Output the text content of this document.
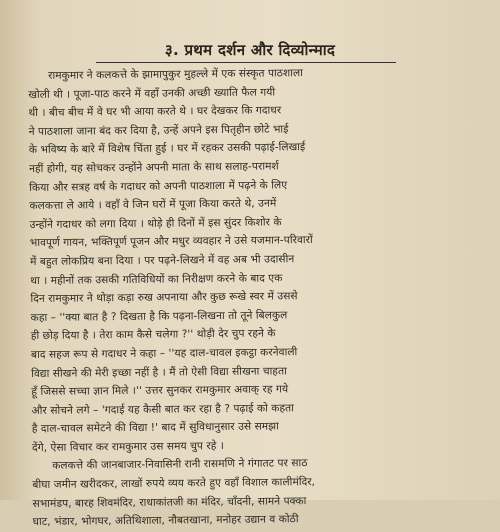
३. प्रथम दर्शन और दिव्योन्माद
रामकुमार ने कलकत्ते के झामापुकुर मुहल्ले में एक संस्कृत पाठशाला
खोली थी । पूजा-पाठ करने में वहाँ उनकी अच्छी ख्याति फैल गयी
थी । बीच बीच में वे घर भी आया करते थे । घर देखकर कि गदाधर
ने पाठशाला जाना बंद कर दिया है, उन्हें अपने इस पितृहीन छोटे भाई
के भविष्य के बारे में विशेष चिंता हुई । घर में रहकर उसकी पढ़ाई-लिखाई
नहीं होगी, यह सोचकर उन्होंने अपनी माता के साथ सलाह-परामर्श
किया और सत्रह वर्ष के गदाधर को अपनी पाठशाला में पढ़ने के लिए
कलकत्ता ले आये । वहाँ वे जिन घरों में पूजा किया करते थे, उनमें
उन्होंने गदाधर को लगा दिया । थोड़े ही दिनों में इस सुंदर किशोर के
भावपूर्ण गायन, भक्तिपूर्ण पूजन और मधुर व्यवहार ने उसे यजमान-परिवारों
में बहुत लोकप्रिय बना दिया । पर पढ़ने-लिखने में वह अब भी उदासीन
था । महीनों तक उसकी गतिविधियों का निरीक्षण करने के बाद एक
दिन रामकुमार ने थोड़ा कड़ा रुख अपनाया और कुछ रूखे स्वर में उससे
कहा – ''क्या बात है ? दिखता है कि पढ़ना-लिखना तो तूने बिलकुल
ही छोड़ दिया है । तेरा काम कैसे चलेगा ?'' थोड़ी देर चुप रहने के
बाद सहज रूप से गदाधर ने कहा – ''यह दाल-चावल इकट्ठा करनेवाली
विद्या सीखने की मेरी इच्छा नहीं है । मैं तो ऐसी विद्या सीखना चाहता
हूँ जिससे सच्चा ज्ञान मिले ।'' उत्तर सुनकर रामकुमार अवाक् रह गये
और सोचने लगे – 'गदाई यह कैसी बात कर रहा है ? पढ़ाई को कहता
है दाल-चावल समेटने की विद्या !' बाद में सुविधानुसार उसे समझा
देंगे, ऐसा विचार कर रामकुमार उस समय चुप रहे ।
कलकत्ते की जानबाजार-निवासिनी रानी रासमणि ने गंगातट पर साठ
बीघा जमीन खरीदकर, लाखों रुपये व्यय करते हुए वहाँ विशाल कालीमंदिर,
सभामंडप, बारह शिवमंदिर, राधाकांतजी का मंदिर, चाँदनी, सामने पक्का
घाट, भंडार, भोगघर, अतिथिशाला, नौबतखाना, मनोहर उद्यान व कोठी
